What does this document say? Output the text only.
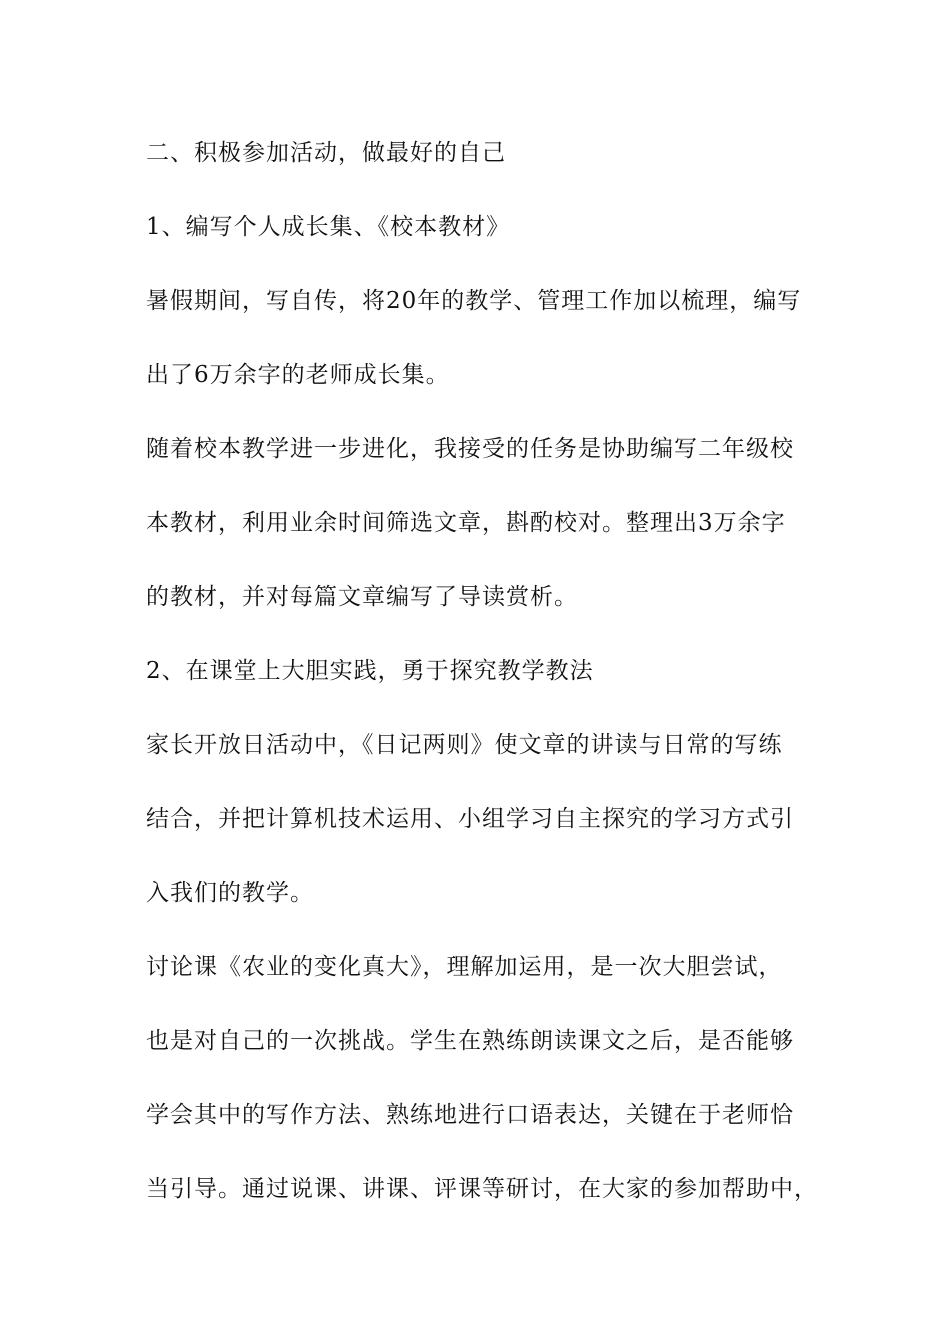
二、积极参加活动，做最好的自己
1、编写个人成长集、《校本教材》
暑假期间，写自传，将20年的教学、管理工作加以梳理，编写
出了6万余字的老师成长集。
随着校本教学进一步进化，我接受的任务是协助编写二年级校
本教材，利用业余时间筛选文章，斟酌校对。整理出3万余字
的教材，并对每篇文章编写了导读赏析。
2、在课堂上大胆实践，勇于探究教学教法
家长开放日活动中，《日记两则》使文章的讲读与日常的写练
结合，并把计算机技术运用、小组学习自主探究的学习方式引
入我们的教学。
讨论课《农业的变化真大》，理解加运用，是一次大胆尝试，
也是对自己的一次挑战。学生在熟练朗读课文之后，是否能够
学会其中的写作方法、熟练地进行口语表达，关键在于老师恰
当引导。通过说课、讲课、评课等研讨，在大家的参加帮助中，
